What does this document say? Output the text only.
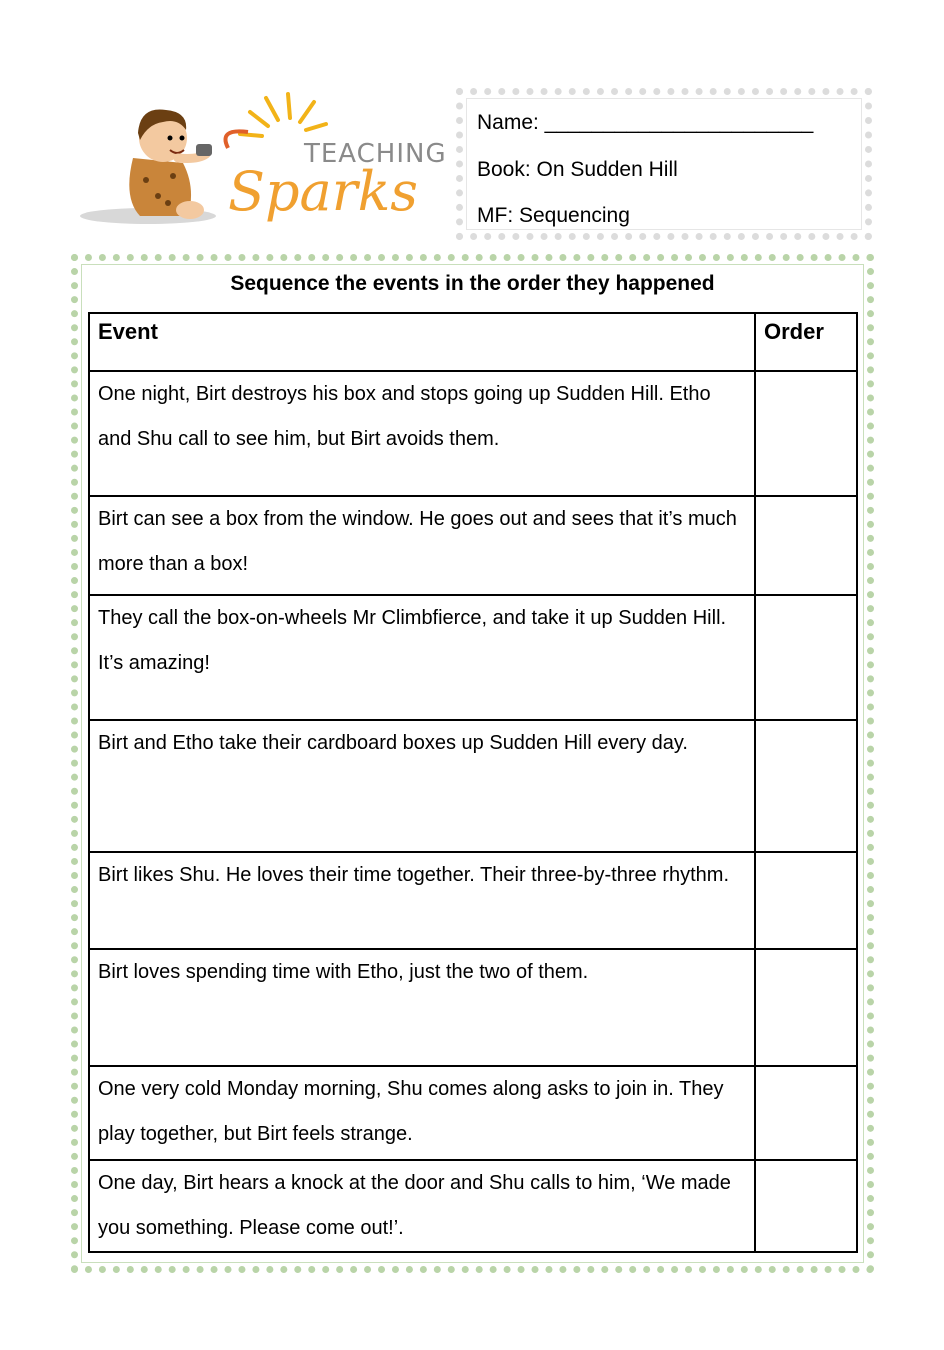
TEACHING
Sparks
Name: _______________________
Book: On Sudden Hill
MF: Sequencing
Sequence the events in the order they happened
Event	Order
One night, Birt destroys his box and stops going up Sudden Hill. Etho and Shu call to see him, but Birt avoids them.	
Birt can see a box from the window. He goes out and sees that it’s much more than a box!	
They call the box-on-wheels Mr Climbfierce, and take it up Sudden Hill. It’s amazing!	
Birt and Etho take their cardboard boxes up Sudden Hill every day.	
Birt likes Shu. He loves their time together. Their three-by-three rhythm.	
Birt loves spending time with Etho, just the two of them.	
One very cold Monday morning, Shu comes along asks to join in. They play together, but Birt feels strange.	
One day, Birt hears a knock at the door and Shu calls to him, ‘We made you something. Please come out!’.	
